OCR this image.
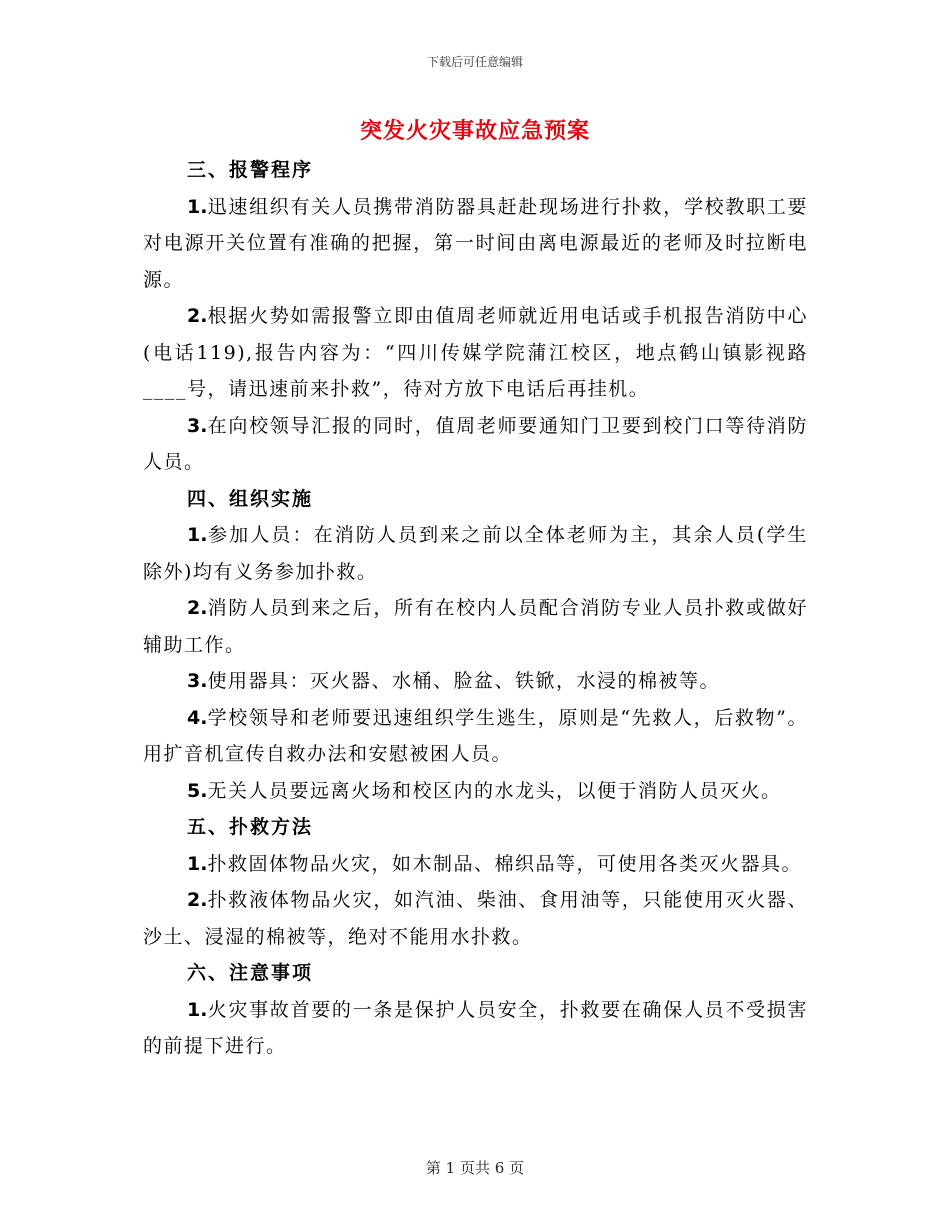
下载后可任意编辑
突发火灾事故应急预案

三、报警程序

1.迅速组织有关人员携带消防器具赶赴现场进行扑救，学校教职工要对电源开关位置有准确的把握，第一时间由离电源最近的老师及时拉断电源。

2.根据火势如需报警立即由值周老师就近用电话或手机报告消防中心(电话119),报告内容为：“四川传媒学院蒲江校区，地点鹤山镇影视路____号，请迅速前来扑救”，待对方放下电话后再挂机。

3.在向校领导汇报的同时，值周老师要通知门卫要到校门口等待消防人员。

四、组织实施

1.参加人员：在消防人员到来之前以全体老师为主，其余人员(学生除外)均有义务参加扑救。

2.消防人员到来之后，所有在校内人员配合消防专业人员扑救或做好辅助工作。

3.使用器具：灭火器、水桶、脸盆、铁锨，水浸的棉被等。

4.学校领导和老师要迅速组织学生逃生，原则是“先救人，后救物”。用扩音机宣传自救办法和安慰被困人员。

5.无关人员要远离火场和校区内的水龙头，以便于消防人员灭火。

五、扑救方法

1.扑救固体物品火灾，如木制品、棉织品等，可使用各类灭火器具。

2.扑救液体物品火灾，如汽油、柴油、食用油等，只能使用灭火器、沙土、浸湿的棉被等，绝对不能用水扑救。

六、注意事项

1.火灾事故首要的一条是保护人员安全，扑救要在确保人员不受损害的前提下进行。

第 1 页共 6 页
